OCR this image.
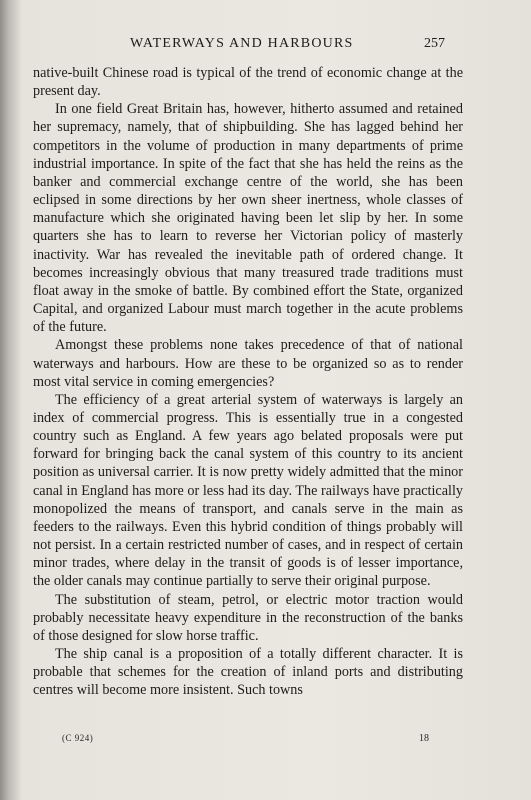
WATERWAYS AND HARBOURS	257

native-built Chinese road is typical of the trend of economic change at the present day.

In one field Great Britain has, however, hitherto assumed and retained her supremacy, namely, that of shipbuilding. She has lagged behind her competitors in the volume of production in many departments of prime industrial importance. In spite of the fact that she has held the reins as the banker and commercial exchange centre of the world, she has been eclipsed in some directions by her own sheer inertness, whole classes of manufacture which she originated having been let slip by her. In some quarters she has to learn to reverse her Victorian policy of masterly inactivity. War has revealed the inevitable path of ordered change. It becomes increasingly obvious that many treasured trade traditions must float away in the smoke of battle. By combined effort the State, organized Capital, and organized Labour must march together in the acute problems of the future.

Amongst these problems none takes precedence of that of national waterways and harbours. How are these to be organized so as to render most vital service in coming emergencies?

The efficiency of a great arterial system of waterways is largely an index of commercial progress. This is essentially true in a congested country such as England. A few years ago belated proposals were put forward for bringing back the canal system of this country to its ancient position as universal carrier. It is now pretty widely admitted that the minor canal in England has more or less had its day. The railways have practically monopolized the means of transport, and canals serve in the main as feeders to the railways. Even this hybrid condition of things probably will not persist. In a certain restricted number of cases, and in respect of certain minor trades, where delay in the transit of goods is of lesser importance, the older canals may continue partially to serve their original purpose.

The substitution of steam, petrol, or electric motor traction would probably necessitate heavy expenditure in the reconstruction of the banks of those designed for slow horse traffic.

The ship canal is a proposition of a totally different character. It is probable that schemes for the creation of inland ports and distributing centres will become more insistent. Such towns

(C 924)	18
